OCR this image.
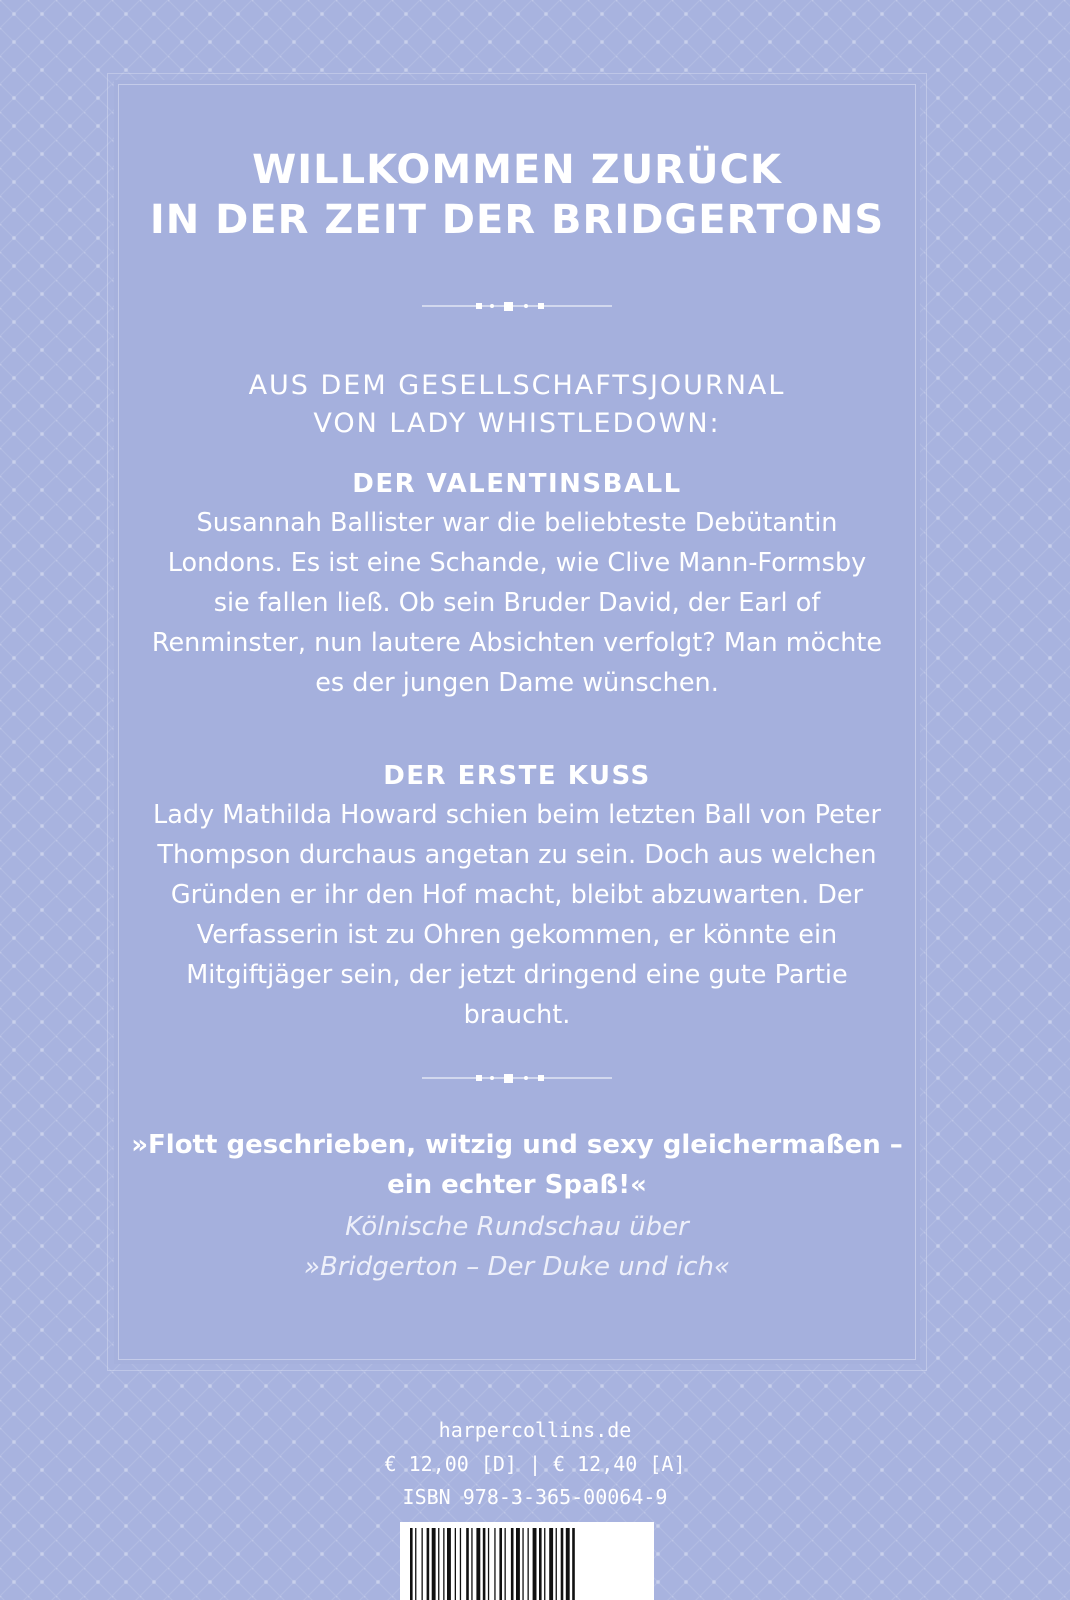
WILLKOMMEN ZURÜCK
IN DER ZEIT DER BRIDGERTONS
AUS DEM GESELLSCHAFTSJOURNAL
VON LADY WHISTLEDOWN:
DER VALENTINSBALL

Susannah Ballister war die beliebteste Debütantin Londons. Es ist eine Schande, wie Clive Mann-Formsby sie fallen ließ. Ob sein Bruder David, der Earl of Renminster, nun lautere Absichten verfolgt? Man möchte es der jungen Dame wünschen.

DER ERSTE KUSS

Lady Mathilda Howard schien beim letzten Ball von Peter Thompson durchaus angetan zu sein. Doch aus welchen Gründen er ihr den Hof macht, bleibt abzuwarten. Der Verfasserin ist zu Ohren gekommen, er könnte ein Mitgiftjäger sein, der jetzt dringend eine gute Partie braucht.

»Flott geschrieben, witzig und sexy gleichermaßen –
ein echter Spaß!«
Kölnische Rundschau über
»Bridgerton – Der Duke und ich«
harpercollins.de
€ 12,00 [D] | € 12,40 [A]
ISBN 978-3-365-00064-9
